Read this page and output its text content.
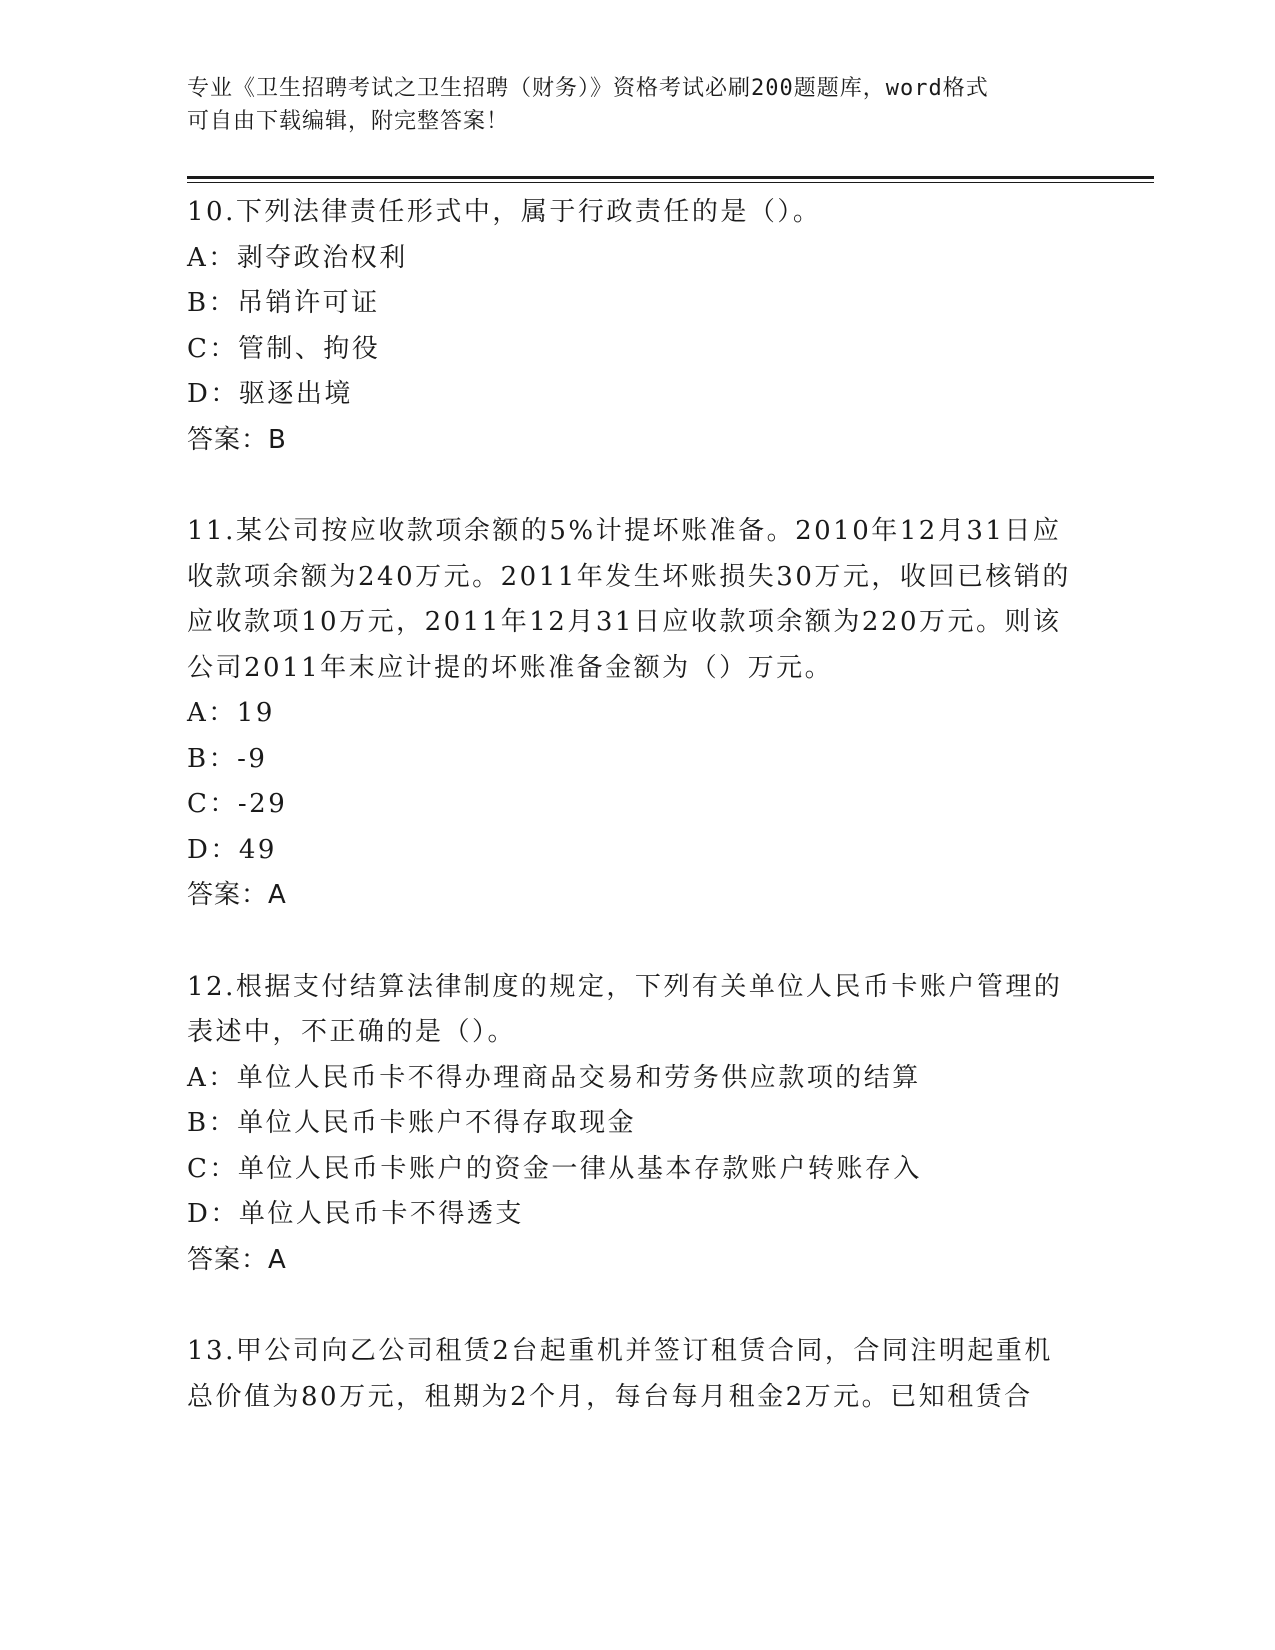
专业《卫生招聘考试之卫生招聘（财务）》资格考试必刷200题题库，word格式
可自由下载编辑，附完整答案！
10.下列法律责任形式中，属于行政责任的是（）。
A：剥夺政治权利
B：吊销许可证
C：管制、拘役
D：驱逐出境
答案：B
11.某公司按应收款项余额的5%计提坏账准备。2010年12月31日应
收款项余额为240万元。2011年发生坏账损失30万元，收回已核销的
应收款项10万元，2011年12月31日应收款项余额为220万元。则该
公司2011年末应计提的坏账准备金额为（）万元。
A：19
B：-9
C：-29
D：49
答案：A
12.根据支付结算法律制度的规定，下列有关单位人民币卡账户管理的
表述中，不正确的是（）。
A：单位人民币卡不得办理商品交易和劳务供应款项的结算
B：单位人民币卡账户不得存取现金
C：单位人民币卡账户的资金一律从基本存款账户转账存入
D：单位人民币卡不得透支
答案：A
13.甲公司向乙公司租赁2台起重机并签订租赁合同，合同注明起重机
总价值为80万元，租期为2个月，每台每月租金2万元。已知租赁合
